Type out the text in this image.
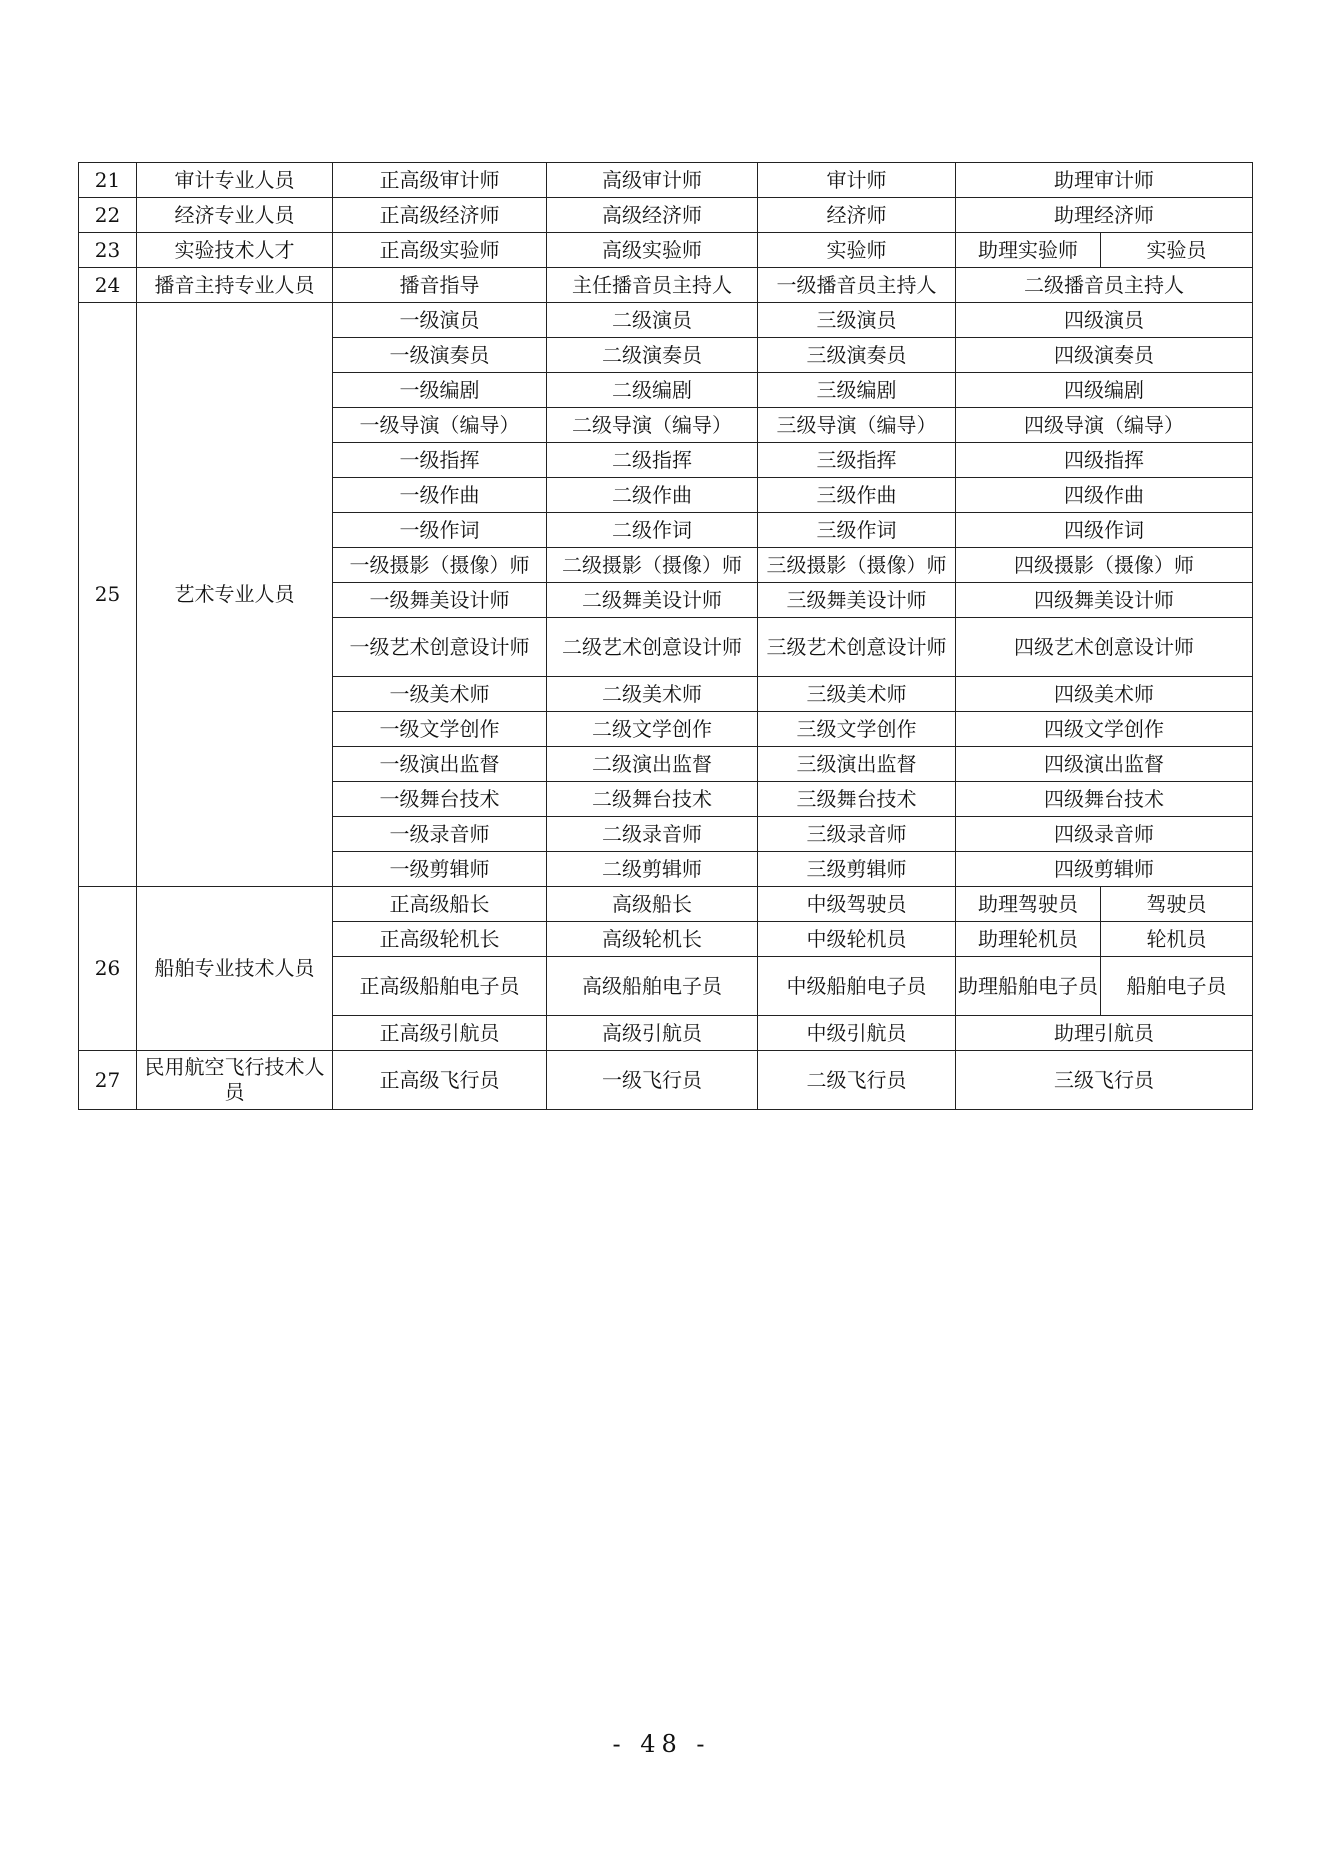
21	审计专业人员	正高级审计师	高级审计师	审计师	助理审计师	
22	经济专业人员	正高级经济师	高级经济师	经济师	助理经济师	
23	实验技术人才	正高级实验师	高级实验师	实验师	助理实验师	实验员
24	播音主持专业人员	播音指导	主任播音员主持人	一级播音员主持人	二级播音员主持人	
25	艺术专业人员	一级演员	二级演员	三级演员	四级演员	
		一级演奏员	二级演奏员	三级演奏员	四级演奏员	
		一级编剧	二级编剧	三级编剧	四级编剧	
		一级导演（编导）	二级导演（编导）	三级导演（编导）	四级导演（编导）	
		一级指挥	二级指挥	三级指挥	四级指挥	
		一级作曲	二级作曲	三级作曲	四级作曲	
		一级作词	二级作词	三级作词	四级作词	
		一级摄影（摄像）师	二级摄影（摄像）师	三级摄影（摄像）师	四级摄影（摄像）师	
		一级舞美设计师	二级舞美设计师	三级舞美设计师	四级舞美设计师	
		一级艺术创意设计师	二级艺术创意设计师	三级艺术创意设计师	四级艺术创意设计师	
		一级美术师	二级美术师	三级美术师	四级美术师	
		一级文学创作	二级文学创作	三级文学创作	四级文学创作	
		一级演出监督	二级演出监督	三级演出监督	四级演出监督	
		一级舞台技术	二级舞台技术	三级舞台技术	四级舞台技术	
		一级录音师	二级录音师	三级录音师	四级录音师	
		一级剪辑师	二级剪辑师	三级剪辑师	四级剪辑师	
26	船舶专业技术人员	正高级船长	高级船长	中级驾驶员	助理驾驶员	驾驶员
		正高级轮机长	高级轮机长	中级轮机员	助理轮机员	轮机员
		正高级船舶电子员	高级船舶电子员	中级船舶电子员	助理船舶电子员	船舶电子员
		正高级引航员	高级引航员	中级引航员	助理引航员	
27	民用航空飞行技术人员	正高级飞行员	一级飞行员	二级飞行员	三级飞行员	
- 48 -
